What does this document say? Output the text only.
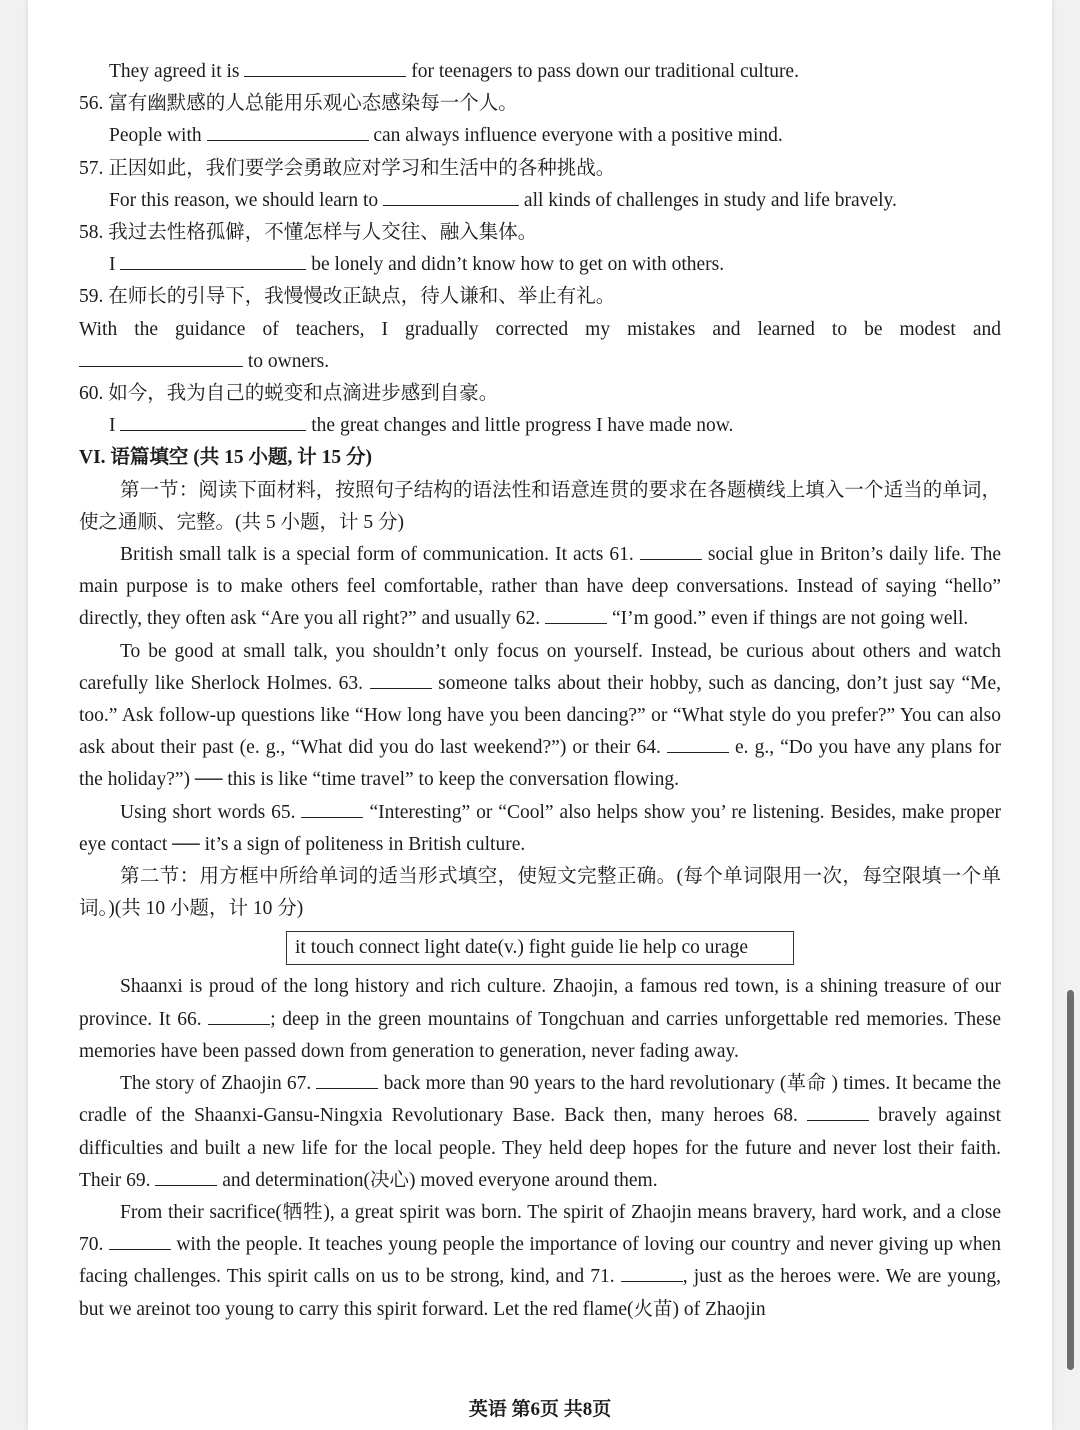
They agreed it is	for teenagers to pass down our traditional culture.

56. 富有幽默感的人总能用乐观心态感染每一个人。

People with	can always influence everyone with a positive mind.

57. 正因如此，我们要学会勇敢应对学习和生活中的各种挑战。

For this reason, we should learn to	all kinds of challenges in study and life bravely.

58. 我过去性格孤僻，不懂怎样与人交往、融入集体。

I	be lonely and didn’t know how to get on with others.

59. 在师长的引导下，我慢慢改正缺点，待人谦和、举止有礼。

With the guidance of teachers, I gradually corrected my mistakes and learned to be modest and

to owners.

60. 如今，我为自己的蜕变和点滴进步感到自豪。

I	the great changes and little progress I have made now.

VI. 语篇填空 (共 15 小题, 计 15 分)

第一节：阅读下面材料，按照句子结构的语法性和语意连贯的要求在各题横线上填入一个适当的单词，使之通顺、完整。(共 5 小题，计 5 分)

British small talk is a special form of communication. It acts 61.	social glue in Briton’s daily life. The main purpose is to make others feel comfortable, rather than have deep conversations. Instead of saying “hello” directly, they often ask “Are you all right?” and usually 62.	“I’m good.” even if things are not going well.

To be good at small talk, you shouldn’t only focus on yourself. Instead, be curious about others and watch carefully like Sherlock Holmes. 63.	someone talks about their hobby, such as dancing, don’t just say “Me, too.” Ask follow-up questions like “How long have you been dancing?” or “What style do you prefer?” You can also ask about their past (e. g., “What did you do last weekend?”) or their 64.	e. g., “Do you have any plans for the holiday?”) ── this is like “time travel” to keep the conversation flowing.

Using short words 65.	“Interesting” or “Cool” also helps show you’ re listening. Besides, make proper eye contact ── it’s a sign of politeness in British culture.

第二节：用方框中所给单词的适当形式填空，使短文完整正确。(每个单词限用一次，每空限填一个单词。)(共 10 小题，计 10 分)

it touch connect light date(v.) fight guide lie help co urage

Shaanxi is proud of the long history and rich culture. Zhaojin, a famous red town, is a shining treasure of our province. It 66.	; deep in the green mountains of Tongchuan and carries unforgettable red memories. These memories have been passed down from generation to generation, never fading away.

The story of Zhaojin 67.	back more than 90 years to the hard revolutionary (革命 ) times. It became the cradle of the Shaanxi-Gansu-Ningxia Revolutionary Base. Back then, many heroes 68.	bravely against difficulties and built a new life for the local people. They held deep hopes for the future and never lost their faith. Their 69.	and determination(决心) moved everyone around them.

From their sacrifice(牺牲), a great spirit was born. The spirit of Zhaojin means bravery, hard work, and a close 70.	with the people. It teaches young people the importance of loving our country and never giving up when facing challenges. This spirit calls on us to be strong, kind, and 71.	, just as the heroes were. We are young, but we areinot too young to carry this spirit forward. Let the red flame(火苗) of Zhaojin

英语 第6页 共8页
